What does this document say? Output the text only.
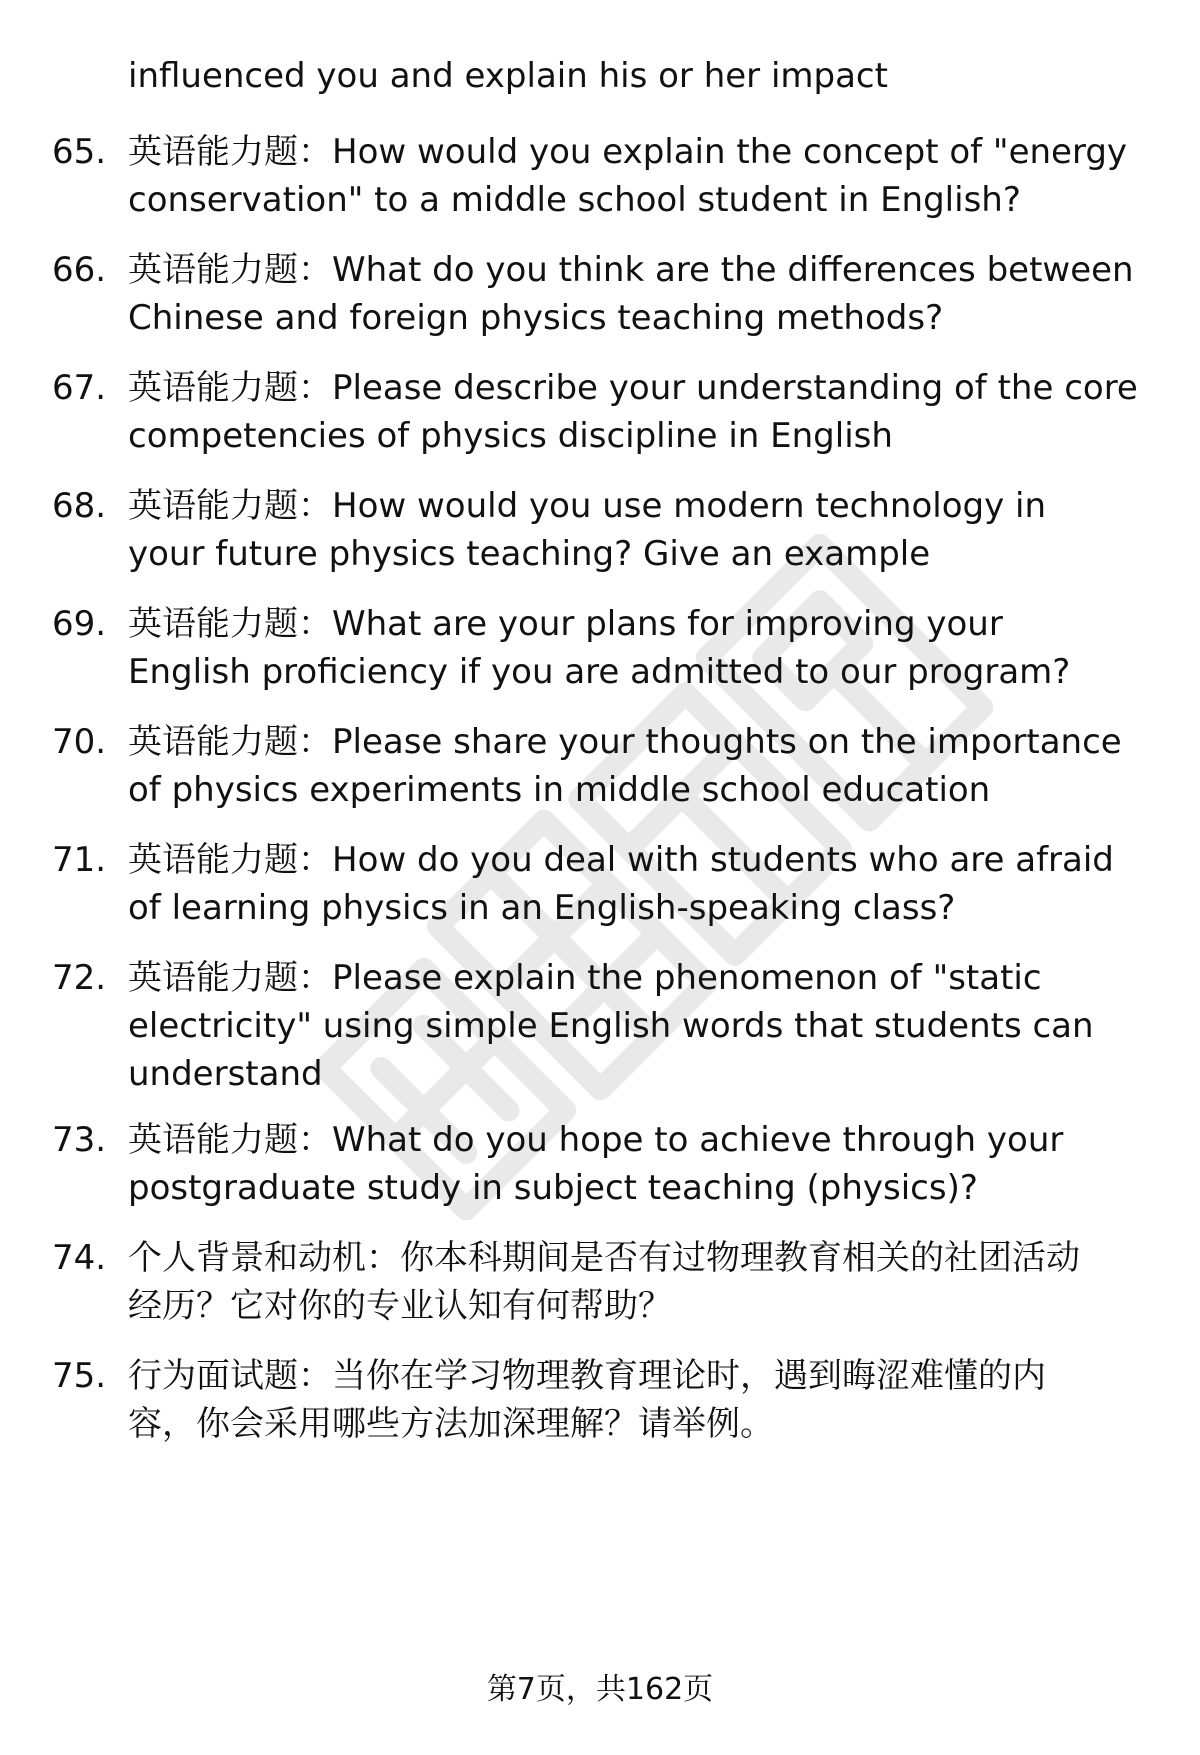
influenced you and explain his or her impact
65. 英语能力题：How would you explain the concept of "energy
conservation" to a middle school student in English?
66. 英语能力题：What do you think are the differences between
Chinese and foreign physics teaching methods?
67. 英语能力题：Please describe your understanding of the core
competencies of physics discipline in English
68. 英语能力题：How would you use modern technology in
your future physics teaching? Give an example
69. 英语能力题：What are your plans for improving your
English proficiency if you are admitted to our program?
70. 英语能力题：Please share your thoughts on the importance
of physics experiments in middle school education
71. 英语能力题：How do you deal with students who are afraid
of learning physics in an English-speaking class?
72. 英语能力题：Please explain the phenomenon of "static
electricity" using simple English words that students can
understand
73. 英语能力题：What do you hope to achieve through your
postgraduate study in subject teaching (physics)?
74. 个人背景和动机：你本科期间是否有过物理教育相关的社团活动
经历？它对你的专业认知有何帮助？
75. 行为面试题：当你在学习物理教育理论时，遇到晦涩难懂的内
容，你会采用哪些方法加深理解？请举例。
第7页，共162页
